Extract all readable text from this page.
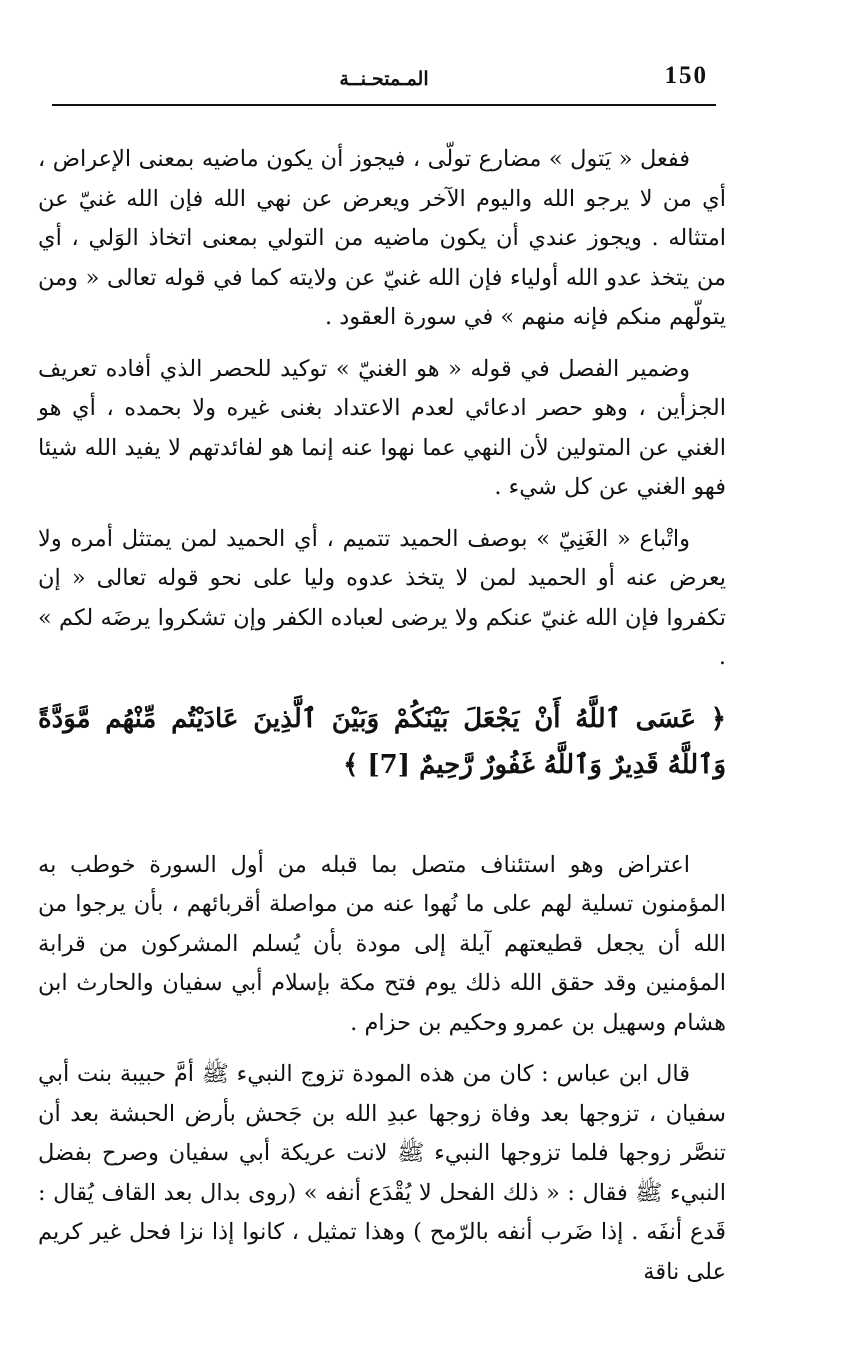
150
المـمتحـنــة

ففعل « يَتول » مضارع تولّى ، فيجوز أن يكون ماضيه بمعنى الإعراض ، أي من لا يرجو الله واليوم الآخر ويعرض عن نهي الله فإن الله غنيّ عن امتثاله . ويجوز عندي أن يكون ماضيه من التولي بمعنى اتخاذ الوَلي ، أي من يتخذ عدو الله أولياء فإن الله غنيّ عن ولايته كما في قوله تعالى « ومن يتولّهم منكم فإنه منهم » في سورة العقود .

وضمير الفصل في قوله « هو الغنيّ » توكيد للحصر الذي أفاده تعريف الجزأين ، وهو حصر ادعائي لعدم الاعتداد بغنى غيره ولا بحمده ، أي هو الغني عن المتولين لأن النهي عما نهوا عنه إنما هو لفائدتهم لا يفيد الله شيئا فهو الغني عن كل شيء .

واتْباع « الغَنِيّ » بوصف الحميد تتميم ، أي الحميد لمن يمتثل أمره ولا يعرض عنه أو الحميد لمن لا يتخذ عدوه وليا على نحو قوله تعالى « إن تكفروا فإن الله غنيّ عنكم ولا يرضى لعباده الكفر وإن تشكروا يرضَه لكم » .

﴿ عَسَى ٱللَّهُ أَنْ يَجْعَلَ بَيْنَكُمْ وَبَيْنَ ٱلَّذِينَ عَادَيْتُم مِّنْهُم مَّوَدَّةً وَٱللَّهُ قَدِيرٌ وَٱللَّهُ غَفُورٌ رَّحِيمٌ [7] ﴾

اعتراض وهو استئناف متصل بما قبله من أول السورة خوطب به المؤمنون تسلية لهم على ما نُهوا عنه من مواصلة أقربائهم ، بأن يرجوا من الله أن يجعل قطيعتهم آيلة إلى مودة بأن يُسلم المشركون من قرابة المؤمنين وقد حقق الله ذلك يوم فتح مكة بإسلام أبي سفيان والحارث ابن هشام وسهيل بن عمرو وحكيم بن حزام .

قال ابن عباس : كان من هذه المودة تزوج النبيء ﷺ أمَّ حبيبة بنت أبي سفيان ، تزوجها بعد وفاة زوجها عبدِ الله بن جَحش بأرض الحبشة بعد أن تنصَّر زوجها فلما تزوجها النبيء ﷺ لانت عريكة أبي سفيان وصرح بفضل النبيء ﷺ فقال : « ذلك الفحل لا يُقْدَع أنفه » (روى بدال بعد القاف يُقال : قَدع أنفَه . إذا ضَرب أنفه بالرّمح ) وهذا تمثيل ، كانوا إذا نزا فحل غير كريم على ناقة
